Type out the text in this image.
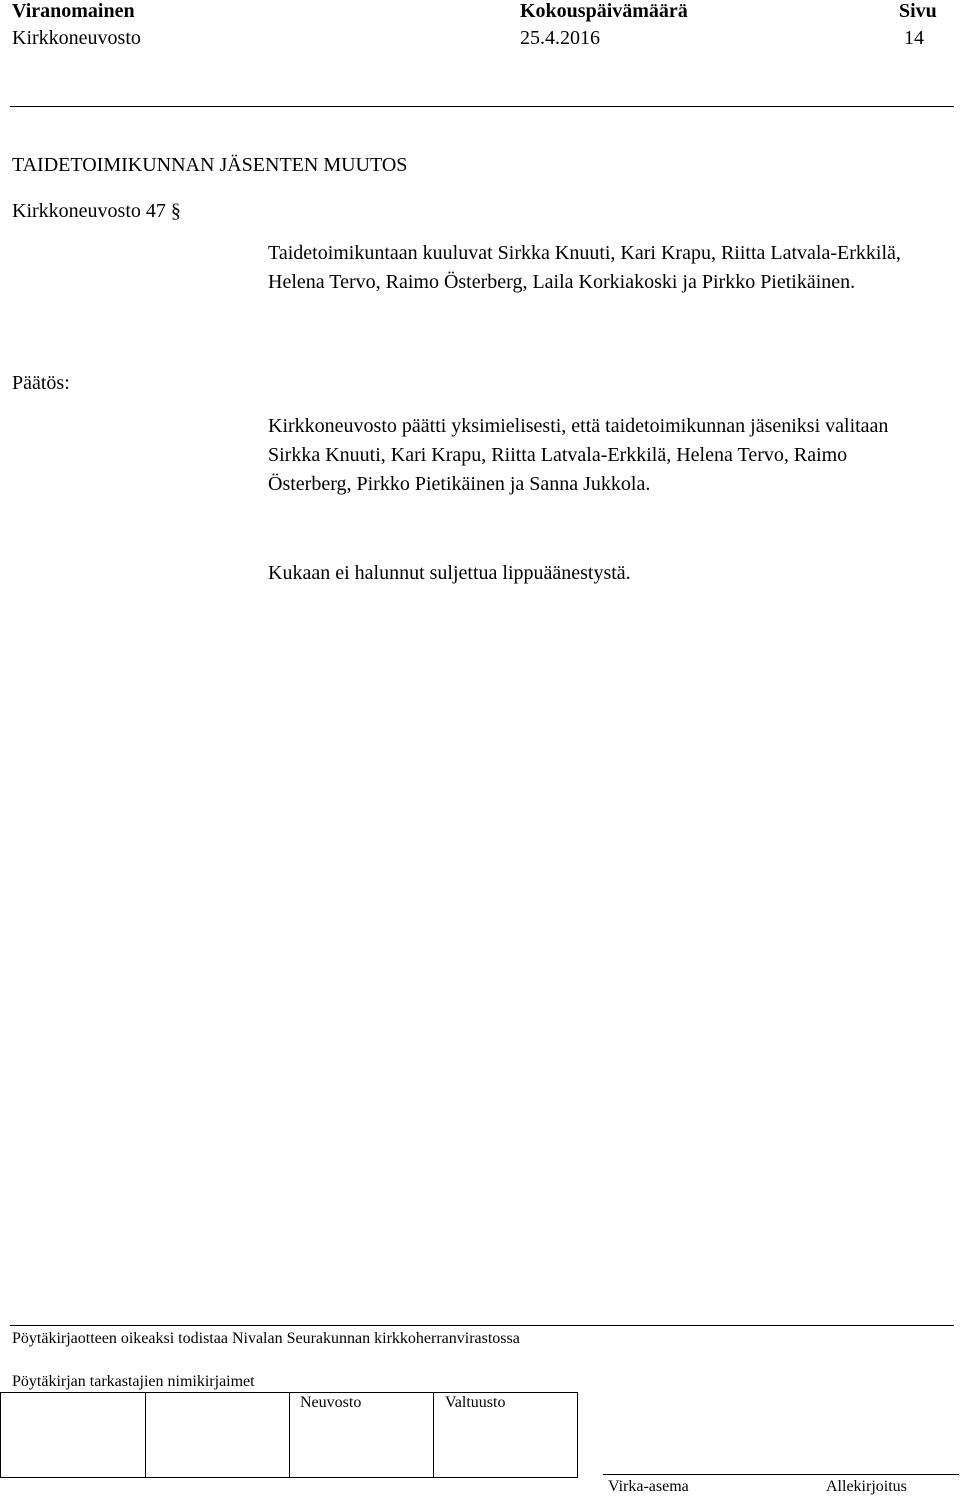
Viranomainen
Kirkkoneuvosto
Kokouspäivämäärä
25.4.2016
Sivu
14
TAIDETOIMIKUNNAN JÄSENTEN MUUTOS
Kirkkoneuvosto 47 §
Taidetoimikuntaan kuuluvat Sirkka Knuuti, Kari Krapu, Riitta Latvala-Erkkilä, Helena Tervo, Raimo Österberg, Laila Korkiakoski ja Pirkko Pietikäinen.
Päätös:
Kirkkoneuvosto päätti yksimielisesti, että taidetoimikunnan jäseniksi valitaan Sirkka Knuuti, Kari Krapu, Riitta Latvala-Erkkilä, Helena Tervo, Raimo Österberg, Pirkko Pietikäinen ja Sanna Jukkola.
Kukaan ei halunnut suljettua lippuäänestystä.
Pöytäkirjaotteen oikeaksi todistaa Nivalan Seurakunnan kirkkoherranvirastossa
Pöytäkirjan tarkastajien nimikirjaimet
Neuvosto	Valtuusto
Virka-asema	Allekirjoitus
